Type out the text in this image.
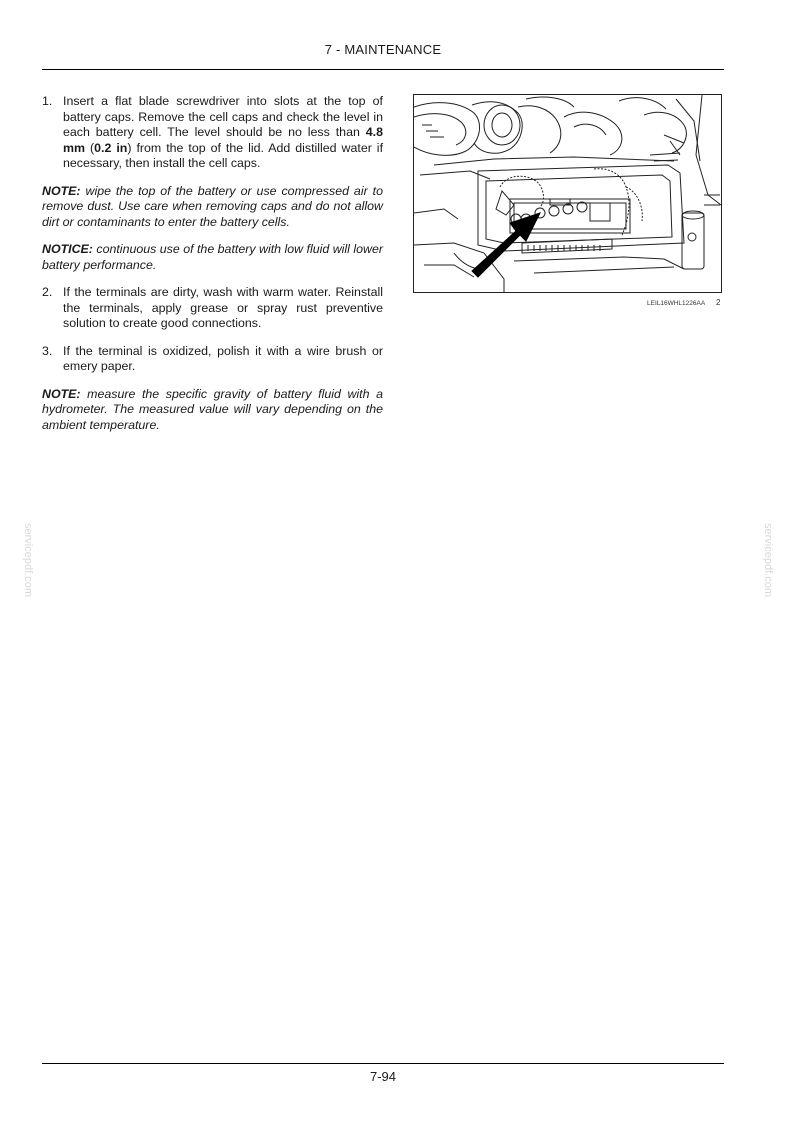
7 - MAINTENANCE
1. Insert a flat blade screwdriver into slots at the top of battery caps. Remove the cell caps and check the level in each battery cell. The level should be no less than 4.8 mm (0.2 in) from the top of the lid. Add distilled water if necessary, then install the cell caps.
NOTE: wipe the top of the battery or use compressed air to remove dust. Use care when removing caps and do not allow dirt or contaminants to enter the battery cells.
NOTICE: continuous use of the battery with low fluid will lower battery performance.
2. If the terminals are dirty, wash with warm water. Reinstall the terminals, apply grease or spray rust preventive solution to create good connections.
3. If the terminal is oxidized, polish it with a wire brush or emery paper.
NOTE: measure the specific gravity of battery fluid with a hydrometer. The measured value will vary depending on the ambient temperature.
LEIL16WHL1226AA 2
servicepdf.com	servicepdf.com
7-94
